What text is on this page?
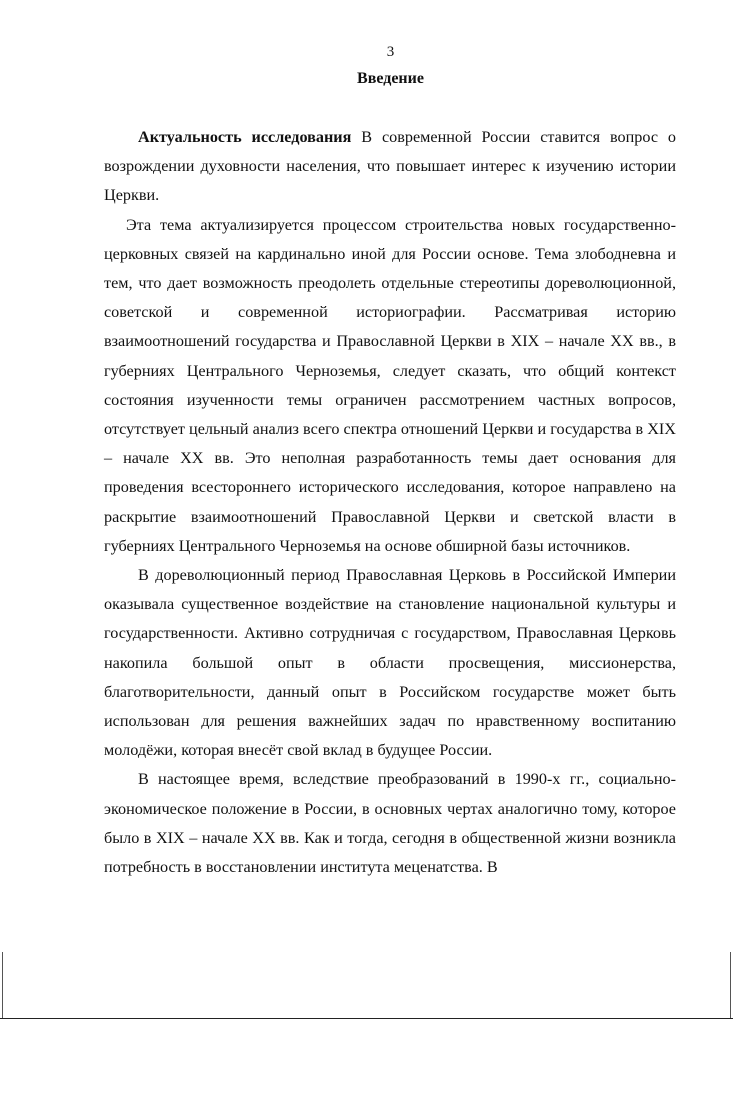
3
Введение

Актуальность исследования В современной России ставится вопрос о возрождении духовности населения, что повышает интерес к изучению истории Церкви.

Эта тема актуализируется процессом строительства новых государственно-церковных связей на кардинально иной для России основе. Тема злободневна и тем, что дает возможность преодолеть отдельные стереотипы дореволюционной, советской и современной историографии. Рассматривая историю взаимоотношений государства и Православной Церкви в XIX – начале XX вв., в губерниях Центрального Черноземья, следует сказать, что общий контекст состояния изученности темы ограничен рассмотрением частных вопросов, отсутствует цельный анализ всего спектра отношений Церкви и государства в XIX – начале XX вв. Это неполная разработанность темы дает основания для проведения всестороннего исторического исследования, которое направлено на раскрытие взаимоотношений Православной Церкви и светской власти в губерниях Центрального Черноземья на основе обширной базы источников.

В дореволюционный период Православная Церковь в Российской Империи оказывала существенное воздействие на становление национальной культуры и государственности. Активно сотрудничая с государством, Православная Церковь накопила большой опыт в области просвещения, миссионерства, благотворительности, данный опыт в Российском государстве может быть использован для решения важнейших задач по нравственному воспитанию молодёжи, которая внесёт свой вклад в будущее России.

В настоящее время, вследствие преобразований в 1990-х гг., социально-экономическое положение в России, в основных чертах аналогично тому, которое было в XIX – начале XX вв. Как и тогда, сегодня в общественной жизни возникла потребность в восстановлении института меценатства. В
